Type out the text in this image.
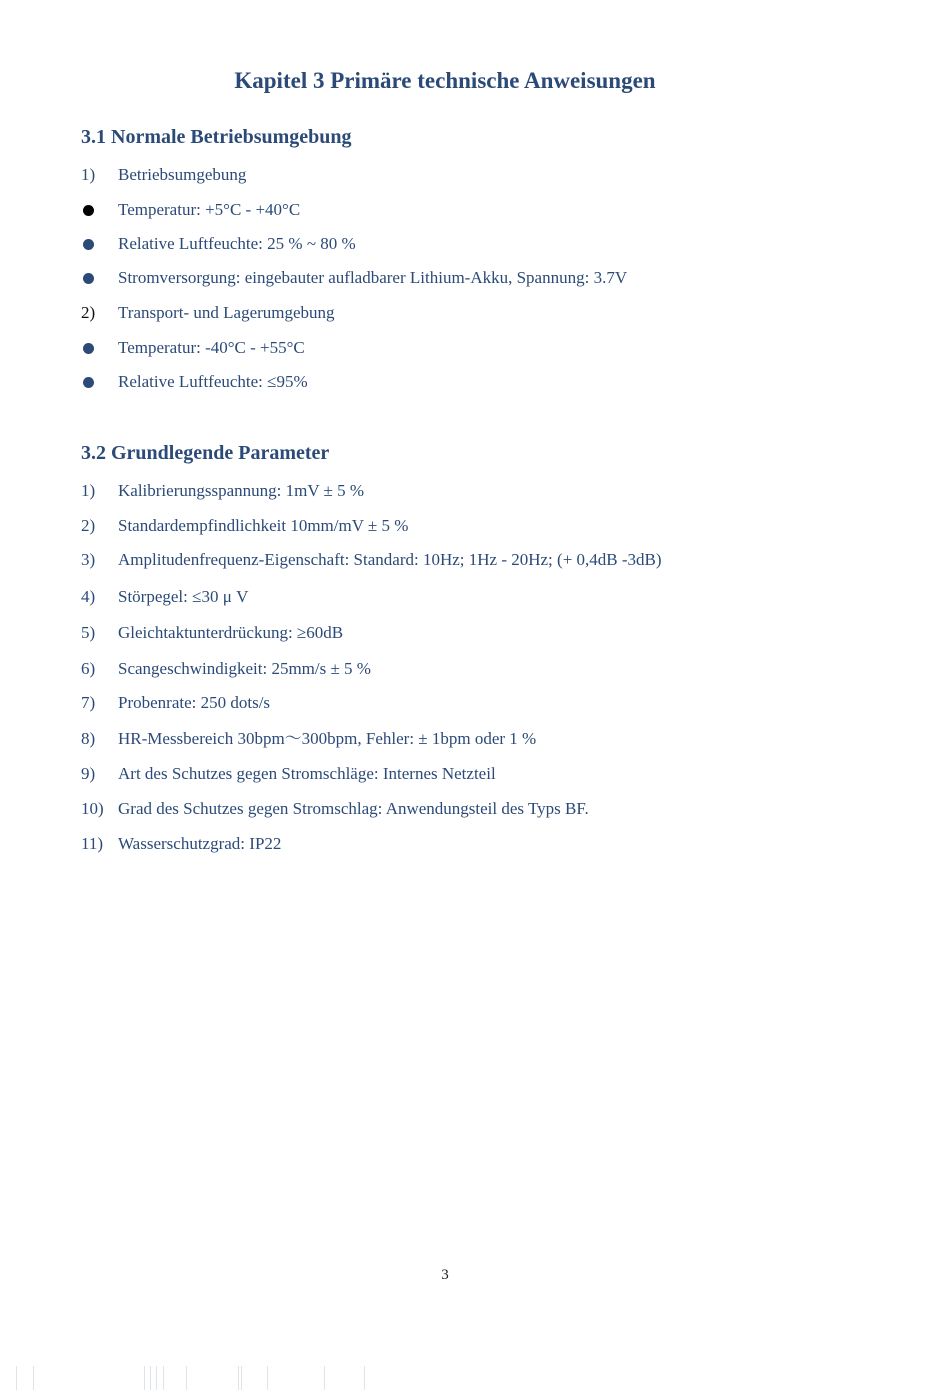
Kapitel 3 Primäre technische Anweisungen
3.1 Normale Betriebsumgebung
1) Betriebsumgebung
Temperatur: +5°C - +40°C
Relative Luftfeuchte: 25 % ~ 80 %
Stromversorgung: eingebauter aufladbarer Lithium-Akku, Spannung: 3.7V
2) Transport- und Lagerumgebung
Temperatur: -40°C - +55°C
Relative Luftfeuchte: ≤95%
3.2 Grundlegende Parameter
1) Kalibrierungsspannung: 1mV ± 5 %
2) Standardempfindlichkeit 10mm/mV ± 5 %
3) Amplitudenfrequenz-Eigenschaft: Standard: 10Hz; 1Hz - 20Hz; (+ 0,4dB -3dB)
4) Störpegel: ≤30 μ V
5) Gleichtaktunterdrückung: ≥60dB
6) Scangeschwindigkeit: 25mm/s ± 5 %
7) Probenrate: 250 dots/s
8) HR-Messbereich 30bpm～300bpm, Fehler: ± 1bpm oder 1 %
9) Art des Schutzes gegen Stromschläge: Internes Netzteil
10) Grad des Schutzes gegen Stromschlag: Anwendungsteil des Typs BF.
11) Wasserschutzgrad: IP22
3
